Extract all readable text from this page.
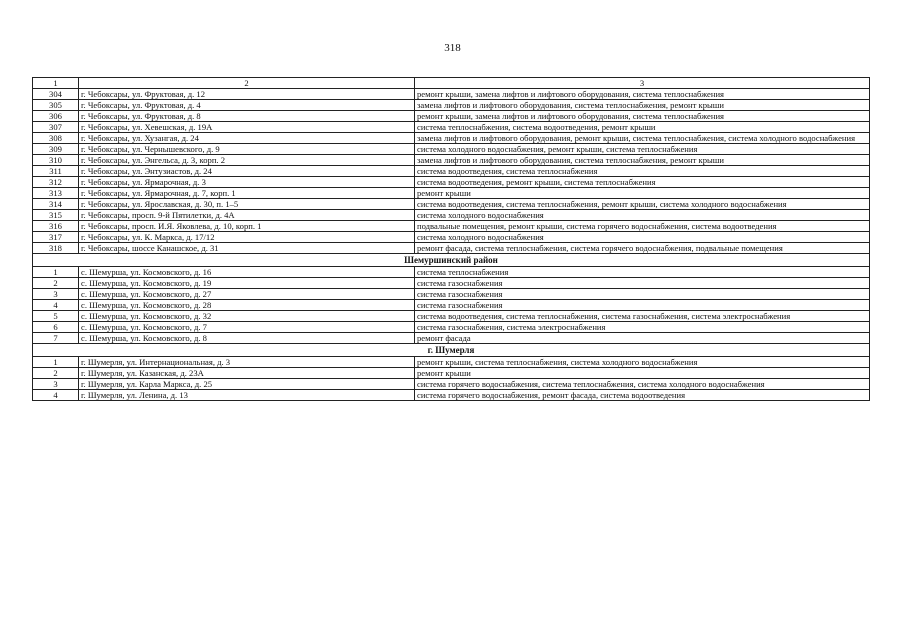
318
1	2	3
304	г. Чебоксары, ул. Фруктовая, д. 12	ремонт крыши, замена лифтов и лифтового оборудования, система теплоснабжения
305	г. Чебоксары, ул. Фруктовая, д. 4	замена лифтов и лифтового оборудования, система теплоснабжения, ремонт крыши
306	г. Чебоксары, ул. Фруктовая, д. 8	ремонт крыши, замена лифтов и лифтового оборудования, система теплоснабжения
307	г. Чебоксары, ул. Хевешская, д. 19А	система теплоснабжения, система водоотведения, ремонт крыши
308	г. Чебоксары, ул. Хузангая, д. 24	замена лифтов и лифтового оборудования, ремонт крыши, система теплоснабжения, система холодного водоснабжения
309	г. Чебоксары, ул. Чернышевского, д. 9	система холодного водоснабжения, ремонт крыши, система теплоснабжения
310	г. Чебоксары, ул. Энгельса, д. 3, корп. 2	замена лифтов и лифтового оборудования, система теплоснабжения, ремонт крыши
311	г. Чебоксары, ул. Энтузиастов, д. 24	система водоотведения, система теплоснабжения
312	г. Чебоксары, ул. Ярмарочная, д. 3	система водоотведения, ремонт крыши, система теплоснабжения
313	г. Чебоксары, ул. Ярмарочная, д. 7, корп. 1	ремонт крыши
314	г. Чебоксары, ул. Ярославская, д. 30, п. 1–5	система водоотведения, система теплоснабжения, ремонт крыши, система холодного водоснабжения
315	г. Чебоксары, просп. 9-й Пятилетки, д. 4А	система холодного водоснабжения
316	г. Чебоксары, просп. И.Я. Яковлева, д. 10, корп. 1	подвальные помещения, ремонт крыши, система горячего водоснабжения, система водоотведения
317	г. Чебоксары, ул. К. Маркса, д. 17/12	система холодного водоснабжения
318	г. Чебоксары, шоссе Канашское, д. 31	ремонт фасада, система теплоснабжения, система горячего водоснабжения, подвальные помещения
Шемуршинский район		
1	с. Шемурша, ул. Космовского, д. 16	система теплоснабжения
2	с. Шемурша, ул. Космовского, д. 19	система газоснабжения
3	с. Шемурша, ул. Космовского, д. 27	система газоснабжения
4	с. Шемурша, ул. Космовского, д. 28	система газоснабжения
5	с. Шемурша, ул. Космовского, д. 32	система водоотведения, система теплоснабжения, система газоснабжения, система электроснабжения
6	с. Шемурша, ул. Космовского, д. 7	система газоснабжения, система электроснабжения
7	с. Шемурша, ул. Космовского, д. 8	ремонт фасада
г. Шумерля		
1	г. Шумерля, ул. Интернациональная, д. 3	ремонт крыши, система теплоснабжения, система холодного водоснабжения
2	г. Шумерля, ул. Казанская, д. 23А	ремонт крыши
3	г. Шумерля, ул. Карла Маркса, д. 25	система горячего водоснабжения, система теплоснабжения, система холодного водоснабжения
4	г. Шумерля, ул. Ленина, д. 13	система горячего водоснабжения, ремонт фасада, система водоотведения
